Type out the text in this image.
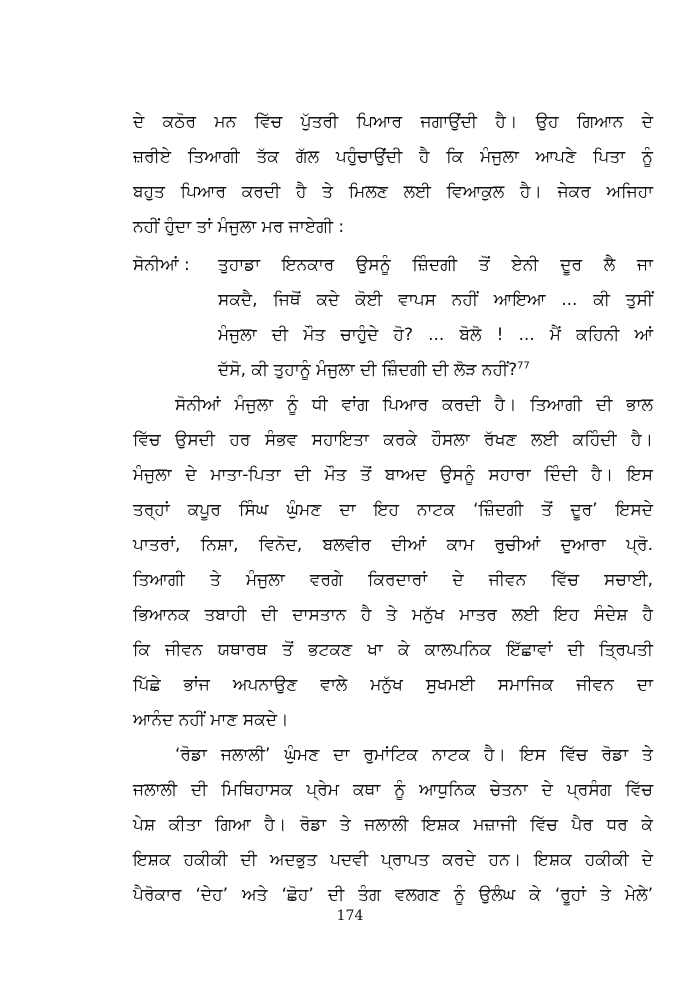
ਦੇ ਕਠੋਰ ਮਨ ਵਿੱਚ ਪੁੱਤਰੀ ਪਿਆਰ ਜਗਾਉਂਦੀ ਹੈ। ਉਹ ਗਿਆਨ ਦੇ
ਜ਼ਰੀਏ ਤਿਆਗੀ ਤੱਕ ਗੱਲ ਪਹੁੰਚਾਉਂਦੀ ਹੈ ਕਿ ਮੰਜੁਲਾ ਆਪਣੇ ਪਿਤਾ ਨੂੰ
ਬਹੁਤ ਪਿਆਰ ਕਰਦੀ ਹੈ ਤੇ ਮਿਲਣ ਲਈ ਵਿਆਕੁਲ ਹੈ। ਜੇਕਰ ਅਜਿਹਾ
ਨਹੀਂ ਹੁੰਦਾ ਤਾਂ ਮੰਜੁਲਾ ਮਰ ਜਾਏਗੀ :
ਸੋਨੀਆਂ : ਤੁਹਾਡਾ ਇਨਕਾਰ ਉਸਨੂੰ ਜ਼ਿੰਦਗੀ ਤੋਂ ਏਨੀ ਦੂਰ ਲੈ ਜਾ
ਸਕਦੈ, ਜਿਥੋਂ ਕਦੇ ਕੋਈ ਵਾਪਸ ਨਹੀਂ ਆਇਆ ... ਕੀ ਤੁਸੀਂ
ਮੰਜੁਲਾ ਦੀ ਮੌਤ ਚਾਹੁੰਦੇ ਹੋ? ... ਬੋਲੋ ! ... ਮੈਂ ਕਹਿਨੀ ਆਂ
ਦੱਸੋ, ਕੀ ਤੁਹਾਨੂੰ ਮੰਜੁਲਾ ਦੀ ਜ਼ਿੰਦਗੀ ਦੀ ਲੋੜ ਨਹੀਂ?$^{77}$
ਸੋਨੀਆਂ ਮੰਜੁਲਾ ਨੂੰ ਧੀ ਵਾਂਗ ਪਿਆਰ ਕਰਦੀ ਹੈ। ਤਿਆਗੀ ਦੀ ਭਾਲ
ਵਿੱਚ ਉਸਦੀ ਹਰ ਸੰਭਵ ਸਹਾਇਤਾ ਕਰਕੇ ਹੌਸਲਾ ਰੱਖਣ ਲਈ ਕਹਿੰਦੀ ਹੈ।
ਮੰਜੁਲਾ ਦੇ ਮਾਤਾ-ਪਿਤਾ ਦੀ ਮੌਤ ਤੋਂ ਬਾਅਦ ਉਸਨੂੰ ਸਹਾਰਾ ਦਿੰਦੀ ਹੈ। ਇਸ
ਤਰ੍ਹਾਂ ਕਪੂਰ ਸਿੰਘ ਘੁੰਮਣ ਦਾ ਇਹ ਨਾਟਕ ‘ਜ਼ਿੰਦਗੀ ਤੋਂ ਦੂਰ’ ਇਸਦੇ
ਪਾਤਰਾਂ, ਨਿਸ਼ਾ, ਵਿਨੋਦ, ਬਲਵੀਰ ਦੀਆਂ ਕਾਮ ਰੁਚੀਆਂ ਦੁਆਰਾ ਪ੍ਰੋ.
ਤਿਆਗੀ ਤੇ ਮੰਜੁਲਾ ਵਰਗੇ ਕਿਰਦਾਰਾਂ ਦੇ ਜੀਵਨ ਵਿੱਚ ਸਚਾਈ,
ਭਿਆਨਕ ਤਬਾਹੀ ਦੀ ਦਾਸਤਾਨ ਹੈ ਤੇ ਮਨੁੱਖ ਮਾਤਰ ਲਈ ਇਹ ਸੰਦੇਸ਼ ਹੈ
ਕਿ ਜੀਵਨ ਯਥਾਰਥ ਤੋਂ ਭਟਕਣ ਖਾ ਕੇ ਕਾਲਪਨਿਕ ਇੱਛਾਵਾਂ ਦੀ ਤ੍ਰਿਪਤੀ
ਪਿੱਛੇ ਭਾਂਜ ਅਪਨਾਉਣ ਵਾਲੇ ਮਨੁੱਖ ਸੁਖਮਈ ਸਮਾਜਿਕ ਜੀਵਨ ਦਾ
ਆਨੰਦ ਨਹੀਂ ਮਾਣ ਸਕਦੇ।
‘ਰੋਡਾ ਜਲਾਲੀ’ ਘੁੰਮਣ ਦਾ ਰੁਮਾਂਟਿਕ ਨਾਟਕ ਹੈ। ਇਸ ਵਿੱਚ ਰੋਡਾ ਤੇ
ਜਲਾਲੀ ਦੀ ਮਿਥਿਹਾਸਕ ਪ੍ਰੇਮ ਕਥਾ ਨੂੰ ਆਧੁਨਿਕ ਚੇਤਨਾ ਦੇ ਪ੍ਰਸੰਗ ਵਿੱਚ
ਪੇਸ਼ ਕੀਤਾ ਗਿਆ ਹੈ। ਰੋਡਾ ਤੇ ਜਲਾਲੀ ਇਸ਼ਕ ਮਜ਼ਾਜੀ ਵਿੱਚ ਪੈਰ ਧਰ ਕੇ
ਇਸ਼ਕ ਹਕੀਕੀ ਦੀ ਅਦਭੁਤ ਪਦਵੀ ਪ੍ਰਾਪਤ ਕਰਦੇ ਹਨ। ਇਸ਼ਕ ਹਕੀਕੀ ਦੇ
ਪੈਰੋਕਾਰ ‘ਦੇਹ’ ਅਤੇ ‘ਛੋਹ’ ਦੀ ਤੰਗ ਵਲਗਣ ਨੂੰ ਉਲੰਘ ਕੇ ‘ਰੂਹਾਂ ਤੇ ਮੇਲੇ’
174
